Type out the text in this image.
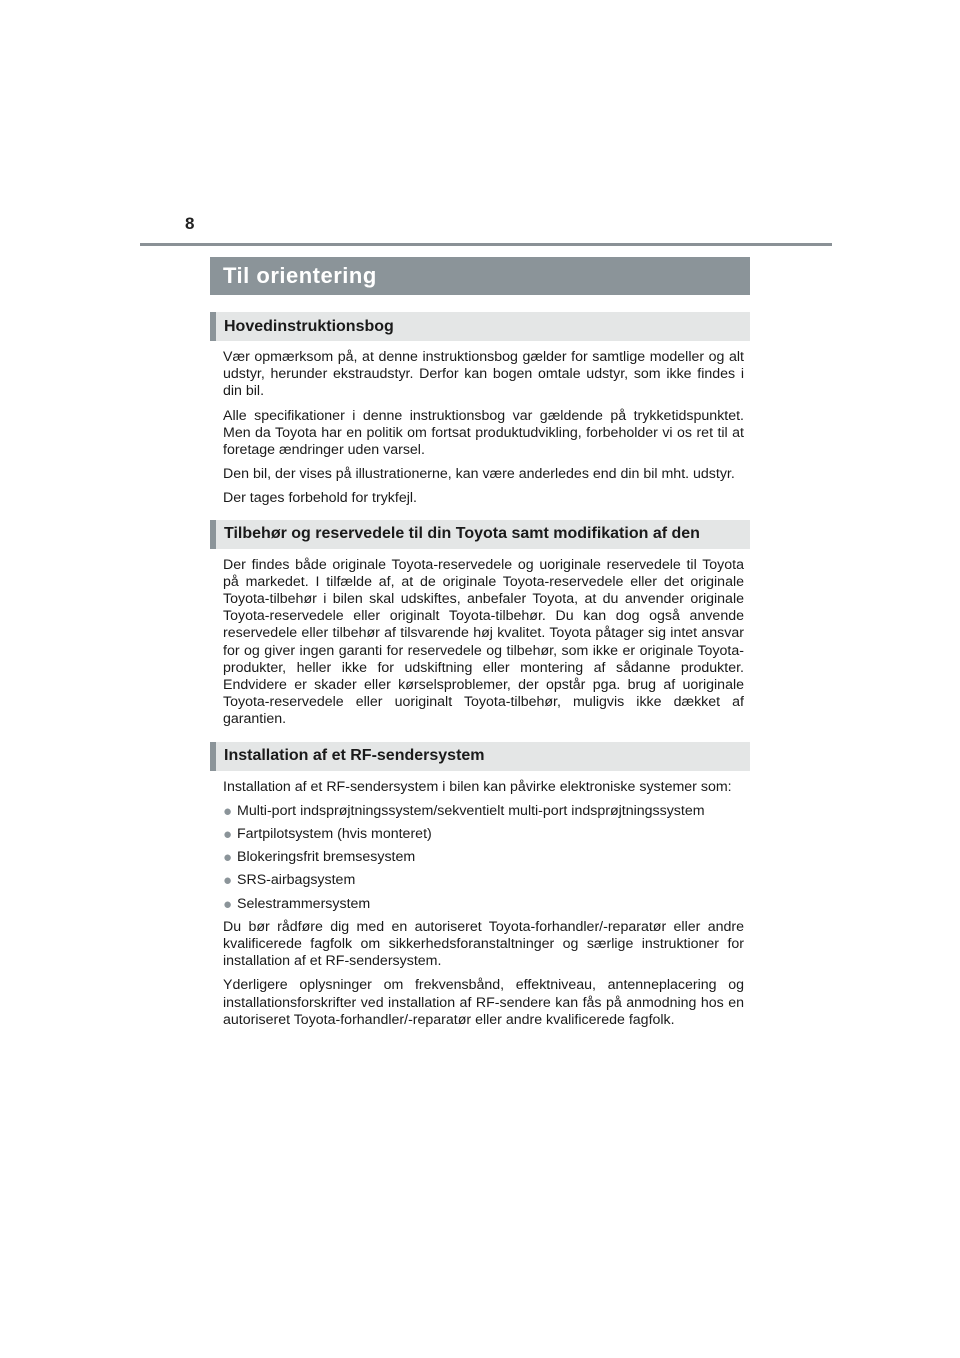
8
Til orientering
Hovedinstruktionsbog

Vær opmærksom på, at denne instruktionsbog gælder for samtlige modeller og alt udstyr, herunder ekstraudstyr. Derfor kan bogen omtale udstyr, som ikke findes i din bil.

Alle specifikationer i denne instruktionsbog var gældende på trykketidspunktet. Men da Toyota har en politik om fortsat produktudvikling, forbeholder vi os ret til at foretage ændringer uden varsel.

Den bil, der vises på illustrationerne, kan være anderledes end din bil mht. udstyr.

Der tages forbehold for trykfejl.

Tilbehør og reservedele til din Toyota samt modifikation af den

Der findes både originale Toyota-reservedele og uoriginale reservedele til Toyota på markedet. I tilfælde af, at de originale Toyota-reservedele eller det originale Toyota-tilbehør i bilen skal udskiftes, anbefaler Toyota, at du anvender originale Toyota-reservedele eller originalt Toyota-tilbehør. Du kan dog også anvende reservedele eller tilbehør af tilsvarende høj kvalitet. Toyota påtager sig intet ansvar for og giver ingen garanti for reservedele og tilbehør, som ikke er originale Toyota-produkter, heller ikke for udskiftning eller montering af sådanne produkter. Endvidere er skader eller kørselsproblemer, der opstår pga. brug af uoriginale Toyota-reservedele eller uoriginalt Toyota-tilbehør, muligvis ikke dækket af garantien.

Installation af et RF-sendersystem

Installation af et RF-sendersystem i bilen kan påvirke elektroniske systemer som:

● Multi-port indsprøjtningssystem/sekventielt multi-port indsprøjtningssystem
● Fartpilotsystem (hvis monteret)
● Blokeringsfrit bremsesystem
● SRS-airbagsystem
● Selestrammersystem

Du bør rådføre dig med en autoriseret Toyota-forhandler/-reparatør eller andre kvalificerede fagfolk om sikkerhedsforanstaltninger og særlige instruktioner for installation af et RF-sendersystem.

Yderligere oplysninger om frekvensbånd, effektniveau, antenneplacering og installationsforskrifter ved installation af RF-sendere kan fås på anmodning hos en autoriseret Toyota-forhandler/-reparatør eller andre kvalificerede fagfolk.
